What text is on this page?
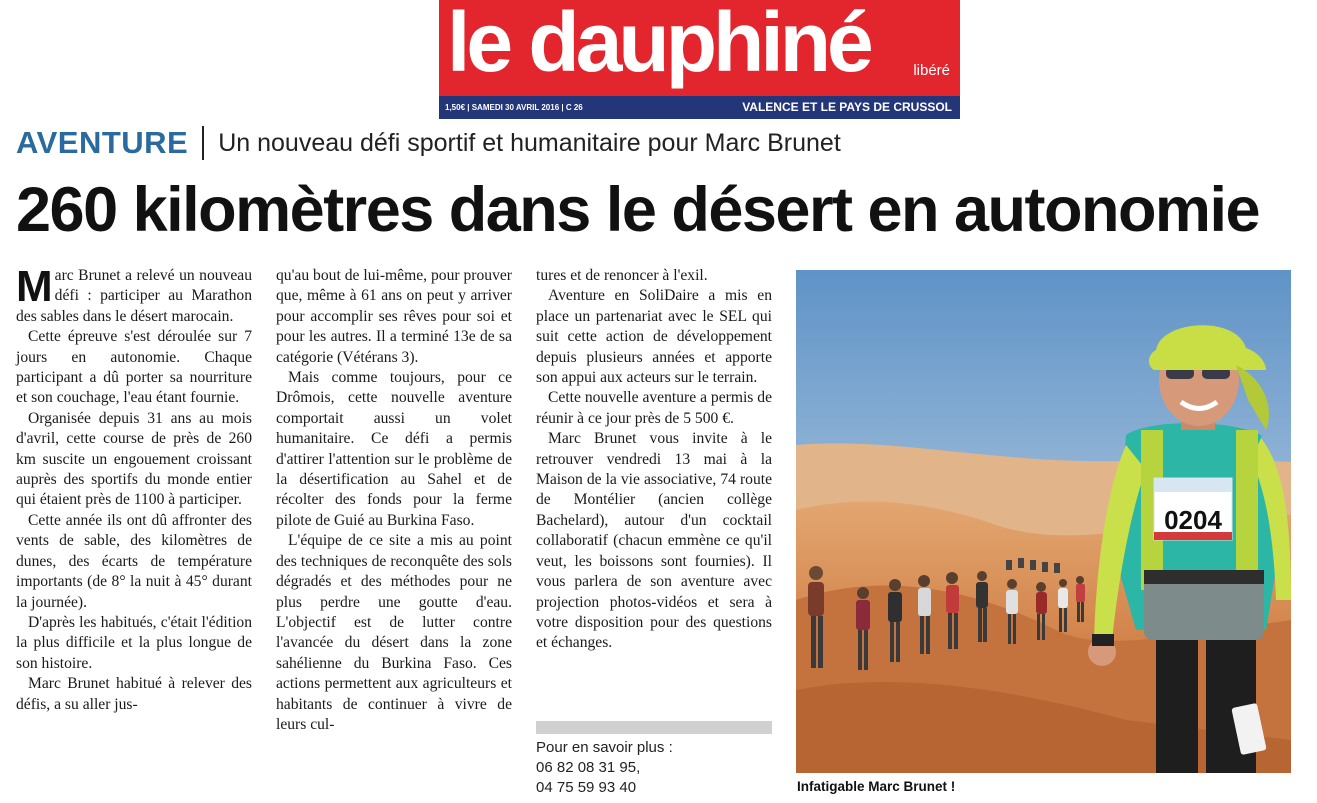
le dauphiné	libéré
1,50€ | SAMEDI 30 AVRIL 2016 | C 26	VALENCE ET LE PAYS DE CRUSSOL
AVENTURE Un nouveau défi sportif et humanitaire pour Marc Brunet
260 kilomètres dans le désert en autonomie

Marc Brunet a relevé un nouveau défi : participer au Marathon des sables dans le désert marocain.

Cette épreuve s'est déroulée sur 7 jours en autonomie. Chaque participant a dû porter sa nourriture et son couchage, l'eau étant fournie.

Organisée depuis 31 ans au mois d'avril, cette course de près de 260 km suscite un engouement croissant auprès des sportifs du monde entier qui étaient près de 1100 à participer.

Cette année ils ont dû affronter des vents de sable, des kilomètres de dunes, des écarts de température importants (de 8° la nuit à 45° durant la journée).

D'après les habitués, c'était l'édition la plus difficile et la plus longue de son histoire.

Marc Brunet habitué à relever des défis, a su aller jus-

qu'au bout de lui-même, pour prouver que, même à 61 ans on peut y arriver pour accomplir ses rêves pour soi et pour les autres. Il a terminé 13e de sa catégorie (Vétérans 3).

Mais comme toujours, pour ce Drômois, cette nouvelle aventure comportait aussi un volet humanitaire. Ce défi a permis d'attirer l'attention sur le problème de la désertification au Sahel et de récolter des fonds pour la ferme pilote de Guié au Burkina Faso.

L'équipe de ce site a mis au point des techniques de reconquête des sols dégradés et des méthodes pour ne plus perdre une goutte d'eau. L'objectif est de lutter contre l'avancée du désert dans la zone sahélienne du Burkina Faso. Ces actions permettent aux agriculteurs et habitants de continuer à vivre de leurs cul-

tures et de renoncer à l'exil.

Aventure en SoliDaire a mis en place un partenariat avec le SEL qui suit cette action de développement depuis plusieurs années et apporte son appui aux acteurs sur le terrain.

Cette nouvelle aventure a permis de réunir à ce jour près de 5 500 €.

Marc Brunet vous invite à le retrouver vendredi 13 mai à la Maison de la vie associative, 74 route de Montélier (ancien collège Bachelard), autour d'un cocktail collaboratif (chacun emmène ce qu'il veut, les boissons sont fournies). Il vous parlera de son aventure avec projection photos-vidéos et sera à votre disposition pour des questions et échanges.

Pour en savoir plus :
06 82 08 31 95,
04 75 59 93 40
0204
Infatigable Marc Brunet !
